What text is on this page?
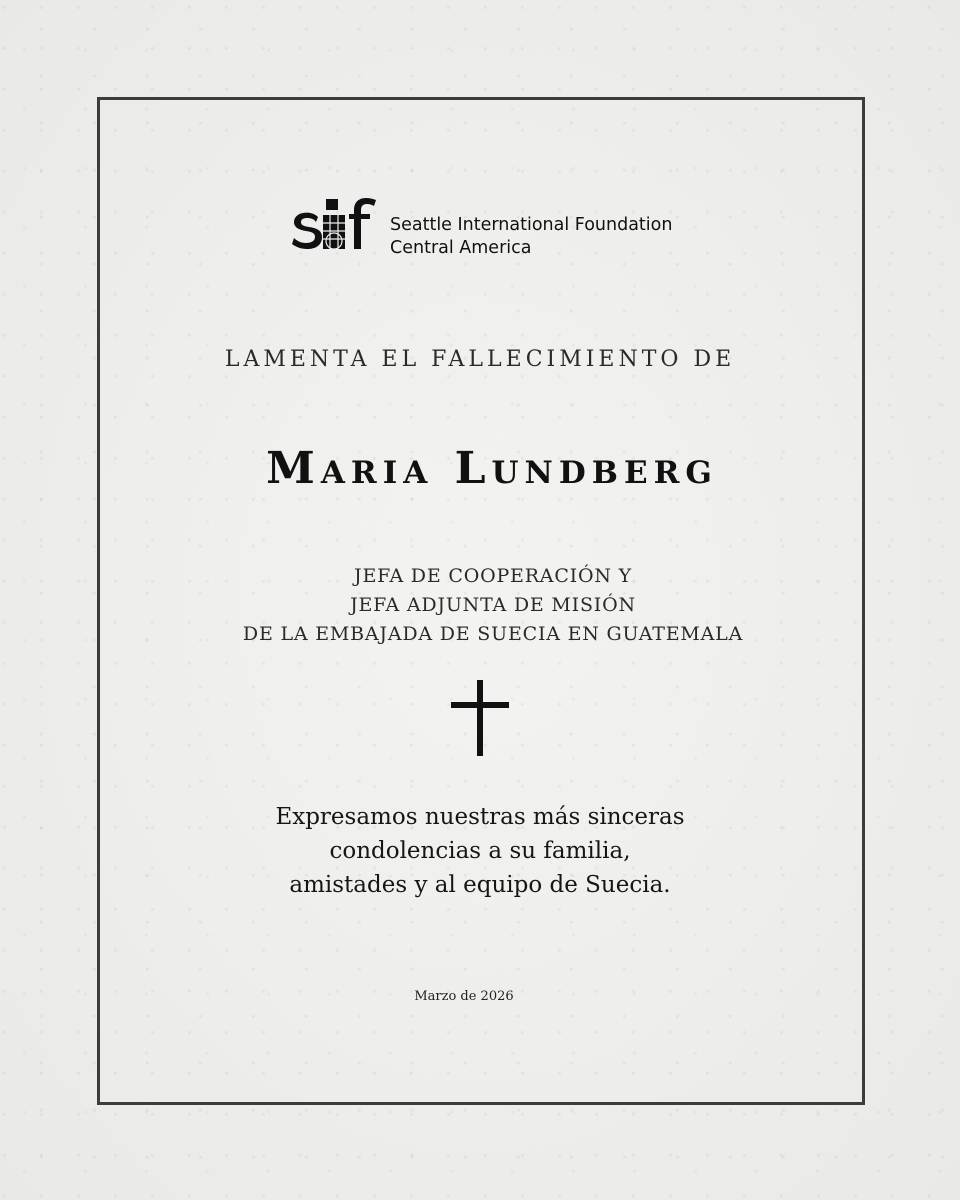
Seattle International Foundation
Central America
LAMENTA EL FALLECIMIENTO DE
Maria Lundberg
JEFA DE COOPERACIÓN Y
JEFA ADJUNTA DE MISIÓN
DE LA EMBAJADA DE SUECIA EN GUATEMALA
Expresamos nuestras más sinceras
condolencias a su familia,
amistades y al equipo de Suecia.
Marzo de 2026
